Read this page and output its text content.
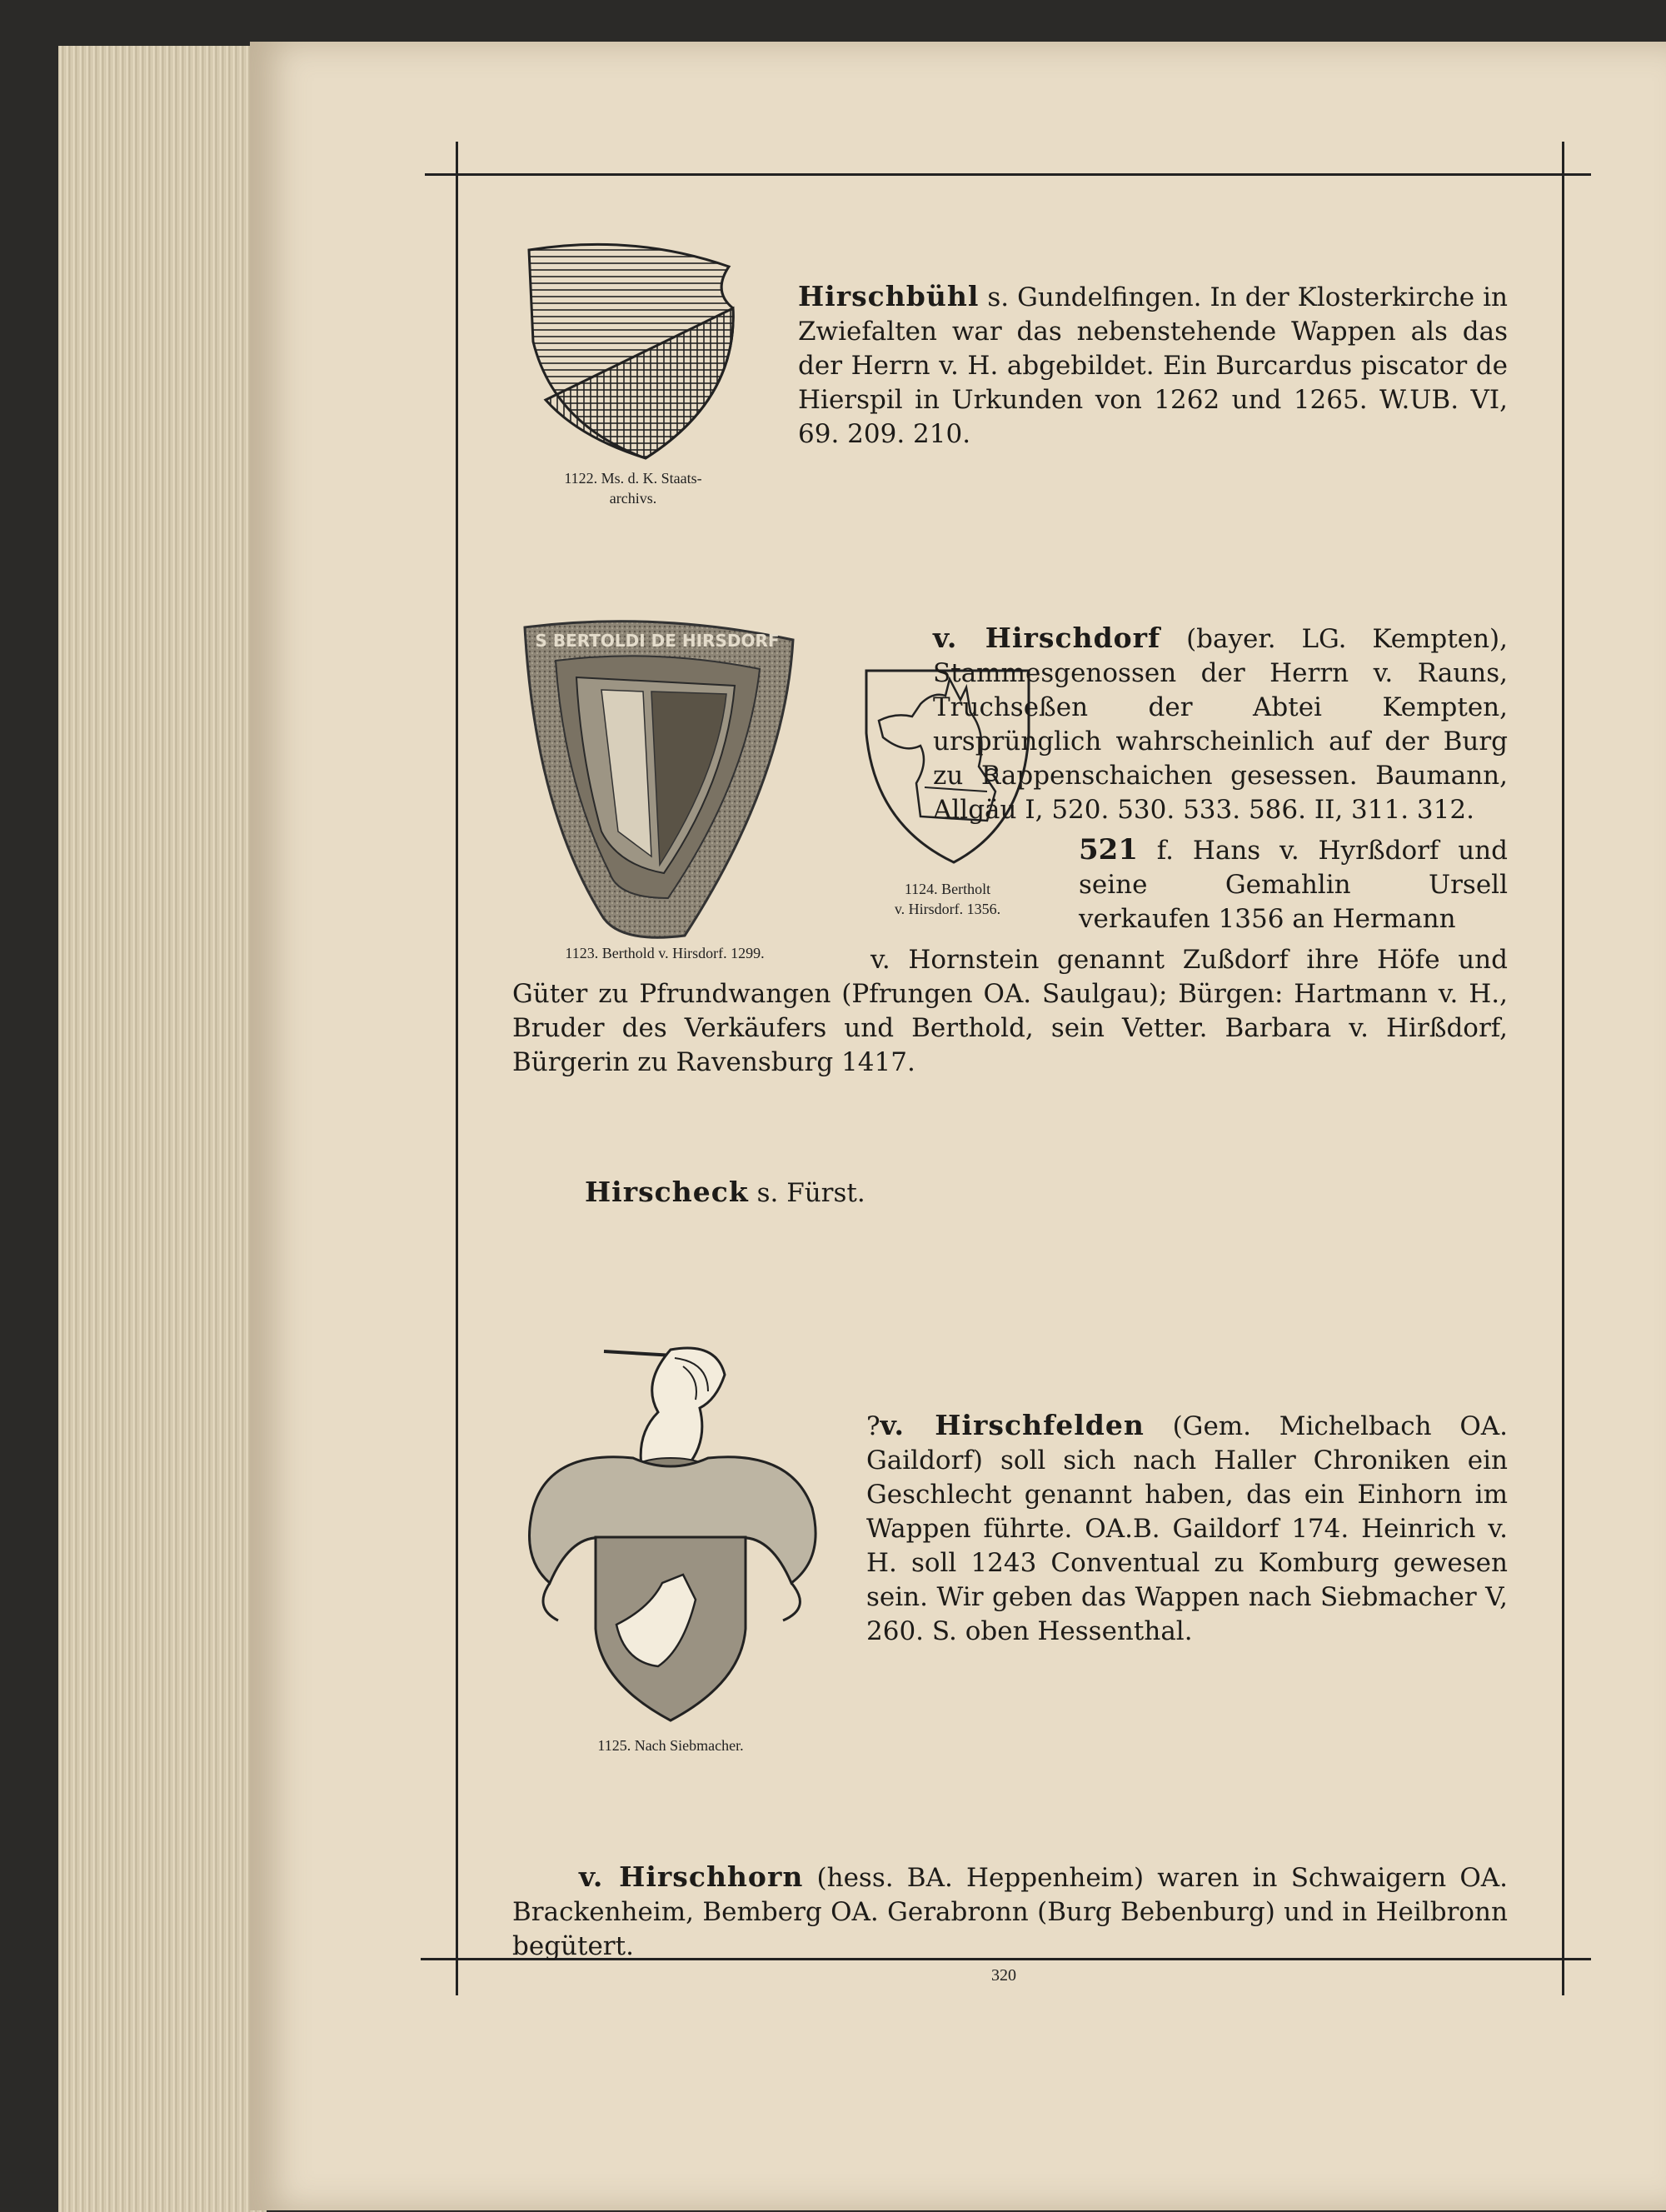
1122. Ms. d. K. Staats-
archivs.

Hirschbühl s. Gundelfingen. In der Klosterkirche in Zwiefalten war das nebenstehende Wappen als das der Herrn v. H. abgebildet. Ein Burcardus piscator de Hierspil in Urkunden von 1262 und 1265. W.UB. VI, 69. 209. 210.

S BERTOLDI DE HIRSDORF
1123. Berthold v. Hirsdorf. 1299.
1124. Bertholt
v. Hirsdorf. 1356.

v. Hirschdorf (bayer. LG. Kempten), Stammesgenossen der Herrn v. Rauns, Truchseßen der Abtei Kempten, ursprünglich wahrscheinlich auf der Burg zu Rappenschaichen gesessen. Baumann, Allgäu I, 520. 530. 533. 586. II, 311. 312.

521 f. Hans v. Hyrßdorf und seine Gemahlin Ursell verkaufen 1356 an Hermann

v. Hornstein genannt Zußdorf ihre Höfe und Güter zu Pfrundwangen (Pfrungen OA. Saulgau); Bürgen: Hartmann v. H., Bruder des Verkäufers und Berthold, sein Vetter. Barbara v. Hirßdorf, Bürgerin zu Ravensburg 1417.

Hirscheck s. Fürst.

1125. Nach Siebmacher.

?v. Hirschfelden (Gem. Michelbach OA. Gaildorf) soll sich nach Haller Chroniken ein Geschlecht genannt haben, das ein Einhorn im Wappen führte. OA.B. Gaildorf 174. Heinrich v. H. soll 1243 Conventual zu Komburg gewesen sein. Wir geben das Wappen nach Siebmacher V, 260. S. oben Hessenthal.

v. Hirschhorn (hess. BA. Heppenheim) waren in Schwaigern OA. Brackenheim, Bemberg OA. Gerabronn (Burg Bebenburg) und in Heilbronn begütert.

320
